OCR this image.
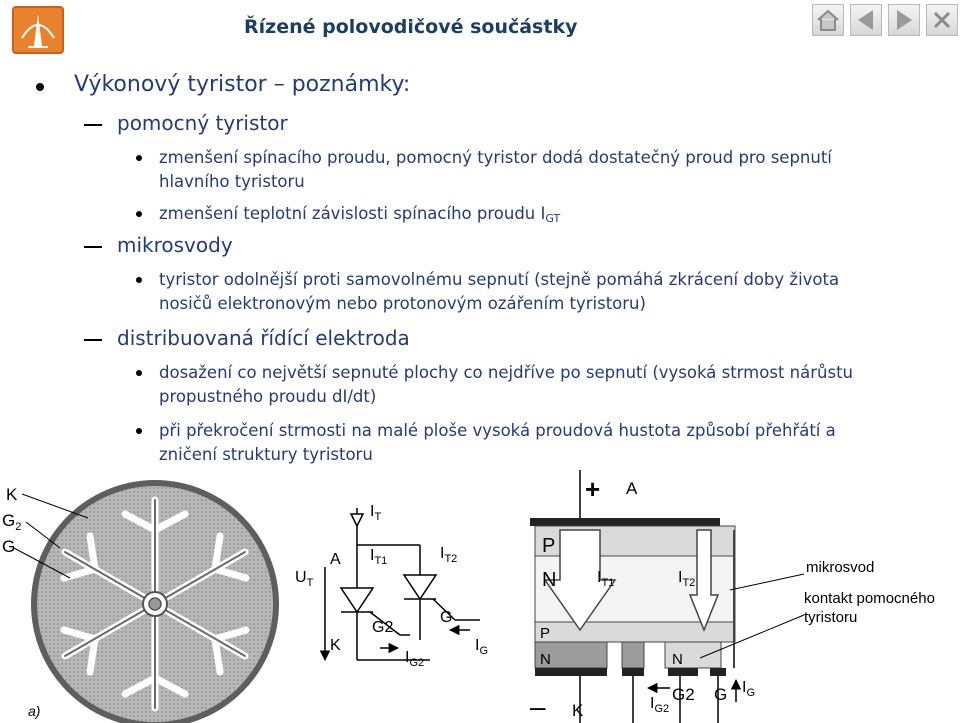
Řízené polovodičové součástky
Výkonový tyristor – poznámky:
pomocný tyristor
zmenšení spínacího proudu, pomocný tyristor dodá dostatečný proud pro sepnutí
hlavního tyristoru
zmenšení teplotní závislosti spínacího proudu $I_{GT}$
mikrosvody
tyristor odolnější proti samovolnému sepnutí (stejně pomáhá zkrácení doby života
nosičů elektronovým nebo protonovým ozářením tyristoru)
distribuovaná řídící elektroda
dosažení co největší sepnuté plochy co nejdříve po sepnutí (vysoká strmost nárůstu
propustného proudu dI/dt)
při překročení strmosti na malé ploše vysoká proudová hustota způsobí přehřátí a
zničení struktury tyristoru
K
$G_2$
G
a)
$I_T$
$U_T$
A
K
$I_{T1}$	$I_{T2}$
G2
$I_{G2}$
G
$I_G$
+ A
P
N
P
N	N
$I_{T1}$	$I_{T2}$
– K	$I_{G2}$
G2 G $I_G$
mikrosvod
kontakt pomocného
tyristoru
